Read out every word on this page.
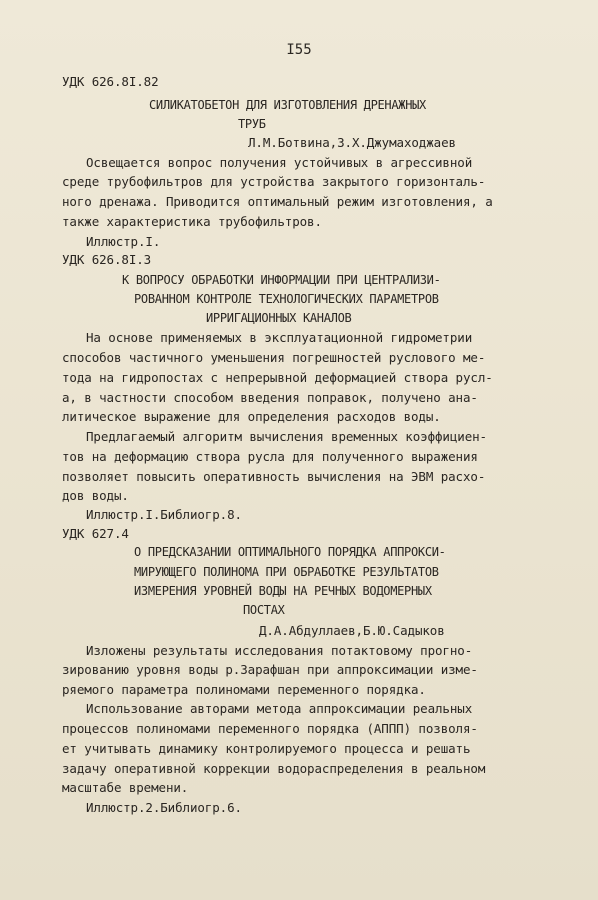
I55
УДК 626.8I.82
СИЛИКАТОБЕТОН ДЛЯ ИЗГОТОВЛЕНИЯ ДРЕНАЖНЫХ
ТРУБ
Л.М.Ботвина,З.Х.Джумаходжаев
Освещается вопрос получения устойчивых в агрессивной
среде трубофильтров для устройства закрытого горизонталь-
ного дренажа. Приводится оптимальный режим изготовления, а
также характеристика трубофильтров.
Иллюстр.I.
УДК 626.8I.3
К ВОПРОСУ ОБРАБОТКИ ИНФОРМАЦИИ ПРИ ЦЕНТРАЛИЗИ-
РОВАННОМ КОНТРОЛЕ ТЕХНОЛОГИЧЕСКИХ ПАРАМЕТРОВ
ИРРИГАЦИОННЫХ КАНАЛОВ
На основе применяемых в эксплуатационной гидрометрии
способов частичного уменьшения погрешностей руслового ме-
тода на гидропостах с непрерывной деформацией створа русл-
а, в частности способом введения поправок, получено ана-
литическое выражение для определения расходов воды.
Предлагаемый алгоритм вычисления временных коэффициен-
тов на деформацию створа русла для полученного выражения
позволяет повысить оперативность вычисления на ЭВМ расхо-
дов воды.
Иллюстр.I.Библиогр.8.
УДК 627.4
О ПРЕДСКАЗАНИИ ОПТИМАЛЬНОГО ПОРЯДКА АППРОКСИ-
МИРУЮЩЕГО ПОЛИНОМА ПРИ ОБРАБОТКЕ РЕЗУЛЬТАТОВ
ИЗМЕРЕНИЯ УРОВНЕЙ ВОДЫ НА РЕЧНЫХ ВОДОМЕРНЫХ
ПОСТАХ
Д.А.Абдуллаев,Б.Ю.Садыков
Изложены результаты исследования потактовому прогно-
зированию уровня воды р.Зарафшан при аппроксимации изме-
ряемого параметра полиномами переменного порядка.
Использование авторами метода аппроксимации реальных
процессов полиномами переменного порядка (АППП) позволя-
ет учитывать динамику контролируемого процесса и решать
задачу оперативной коррекции водораспределения в реальном
масштабе времени.
Иллюстр.2.Библиогр.6.
